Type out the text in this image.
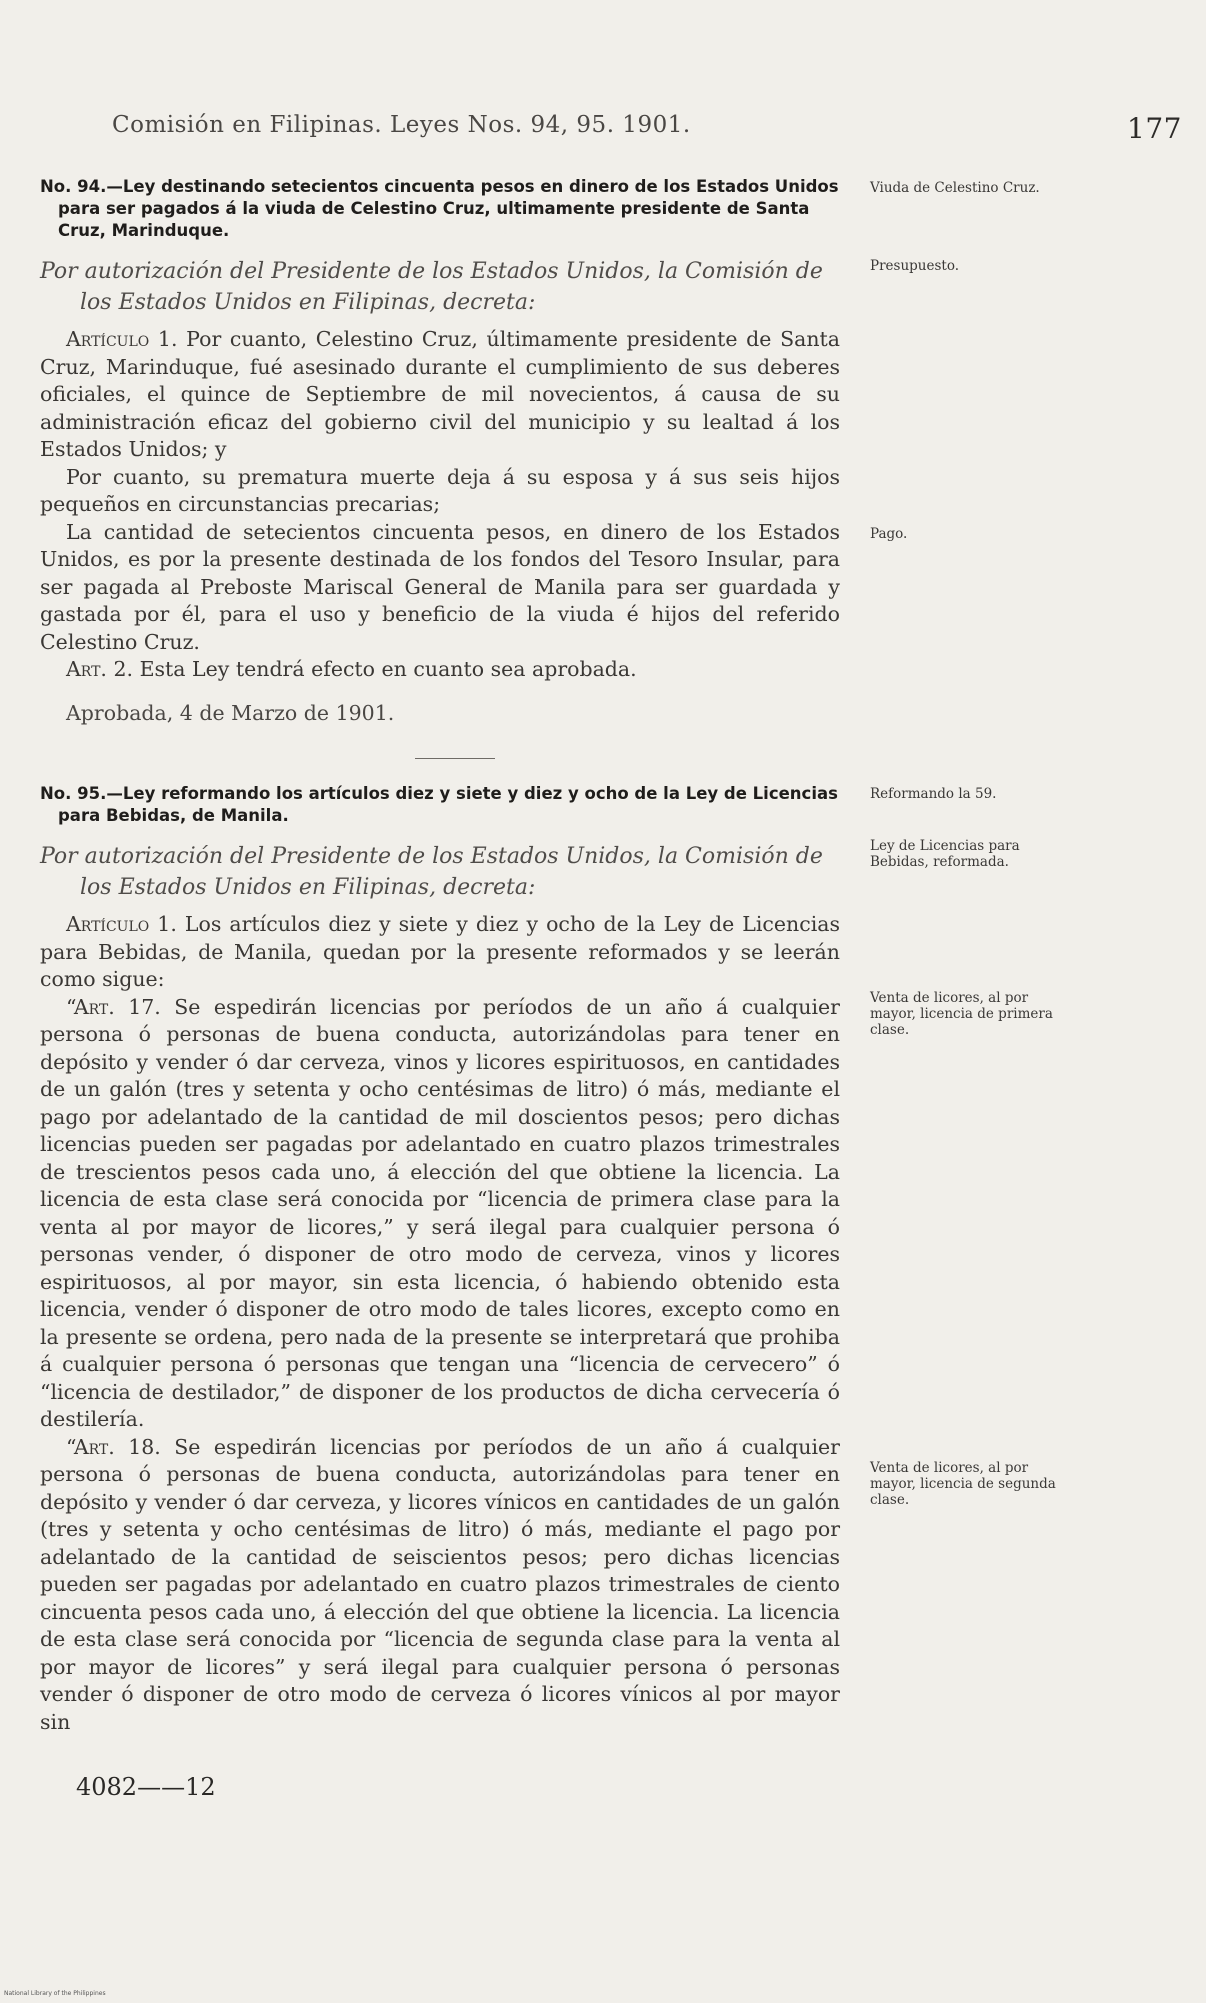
Comisión en Filipinas. Leyes Nos. 94, 95. 1901.	177

No. 94.—Ley destinando setecientos cincuenta pesos en dinero de los Estados Unidos para ser pagados á la viuda de Celestino Cruz, ultimamente presidente de Santa Cruz, Marinduque.

Por autorización del Presidente de los Estados Unidos, la Comisión de los Estados Unidos en Filipinas, decreta:

Artículo 1. Por cuanto, Celestino Cruz, últimamente presidente de Santa Cruz, Marinduque, fué asesinado durante el cumplimiento de sus deberes oficiales, el quince de Septiembre de mil novecientos, á causa de su administración eficaz del gobierno civil del municipio y su lealtad á los Estados Unidos; y

Por cuanto, su prematura muerte deja á su esposa y á sus seis hijos pequeños en circunstancias precarias;

La cantidad de setecientos cincuenta pesos, en dinero de los Estados Unidos, es por la presente destinada de los fondos del Tesoro Insular, para ser pagada al Preboste Mariscal General de Manila para ser guardada y gastada por él, para el uso y beneficio de la viuda é hijos del referido Celestino Cruz.

Art. 2. Esta Ley tendrá efecto en cuanto sea aprobada.

Aprobada, 4 de Marzo de 1901.

No. 95.—Ley reformando los artículos diez y siete y diez y ocho de la Ley de Licencias para Bebidas, de Manila.

Por autorización del Presidente de los Estados Unidos, la Comisión de los Estados Unidos en Filipinas, decreta:

Artículo 1. Los artículos diez y siete y diez y ocho de la Ley de Licencias para Bebidas, de Manila, quedan por la presente reformados y se leerán como sigue:

“Art. 17. Se espedirán licencias por períodos de un año á cualquier persona ó personas de buena conducta, autorizándolas para tener en depósito y vender ó dar cerveza, vinos y licores espirituosos, en cantidades de un galón (tres y setenta y ocho centésimas de litro) ó más, mediante el pago por adelantado de la cantidad de mil doscientos pesos; pero dichas licencias pueden ser pagadas por adelantado en cuatro plazos trimestrales de trescientos pesos cada uno, á elección del que obtiene la licencia. La licencia de esta clase será conocida por “licencia de primera clase para la venta al por mayor de licores,” y será ilegal para cualquier persona ó personas vender, ó disponer de otro modo de cerveza, vinos y licores espirituosos, al por mayor, sin esta licencia, ó habiendo obtenido esta licencia, vender ó disponer de otro modo de tales licores, excepto como en la presente se ordena, pero nada de la presente se interpretará que prohiba á cualquier persona ó personas que tengan una “licencia de cervecero” ó “licencia de destilador,” de disponer de los productos de dicha cervecería ó destilería.

“Art. 18. Se espedirán licencias por períodos de un año á cualquier persona ó personas de buena conducta, autorizándolas para tener en depósito y vender ó dar cerveza, y licores vínicos en cantidades de un galón (tres y setenta y ocho centésimas de litro) ó más, mediante el pago por adelantado de la cantidad de seiscientos pesos; pero dichas licencias pueden ser pagadas por adelantado en cuatro plazos trimestrales de ciento cincuenta pesos cada uno, á elección del que obtiene la licencia. La licencia de esta clase será conocida por “licencia de segunda clase para la venta al por mayor de licores” y será ilegal para cualquier persona ó personas vender ó disponer de otro modo de cerveza ó licores vínicos al por mayor sin

Viuda de Celestino Cruz.

Presupuesto.

Pago.

Reformando la 59.

Ley de Licencias para Bebidas, reformada.

Venta de licores, al por mayor, licencia de primera clase.

Venta de licores, al por mayor, licencia de segunda clase.

4082——12
National Library of the Philippines
